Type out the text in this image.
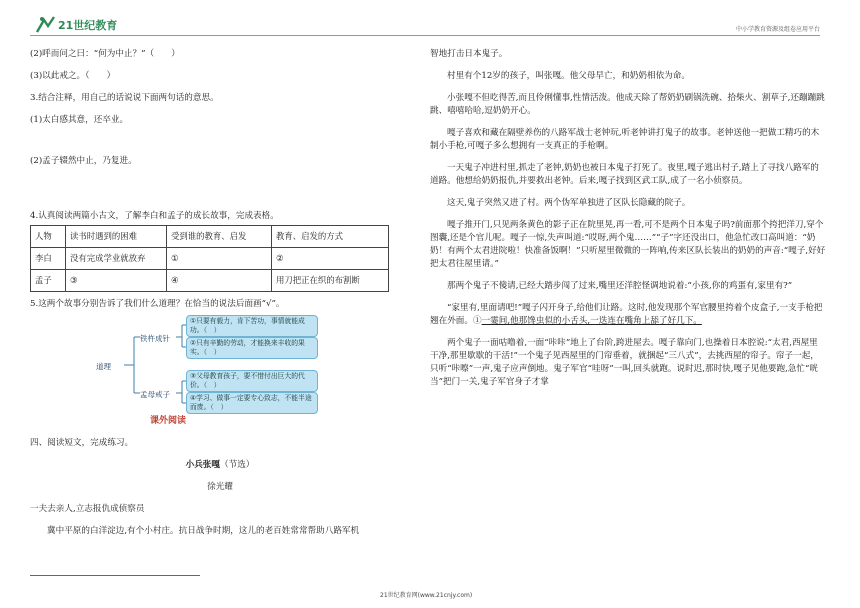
21世纪教育	中小学教育资源及组卷应用平台

(2)呼而问之曰：“何为中止？”（　　）

(3)以此戒之。（　　）

3.结合注释，用自己的话说说下面两句话的意思。

(1)太白感其意，还卒业。

(2)孟子辍然中止，乃复进。

4.认真阅读两篇小古文，了解李白和孟子的成长故事，完成表格。

人物	读书时遇到的困难	受到谁的教育、启发	教育、启发的方式
李白	没有完成学业就放弃	①	②
孟子	③	④	用刀把正在织的布割断

5.这两个故事分别告诉了我们什么道理？在恰当的说法后面画“√”。

道理
铁杵成针
孟母戒子
①只要有毅力，肯下苦功，事情就能成功。（　）
②只有辛勤的劳动，才能换来丰收的果实。（　）
③父母教育孩子，要不惜付出巨大的代价。（　）
④学习、做事一定要专心致志，不能半途而废。（　）

课外阅读

四、阅读短文，完成练习。

小兵张嘎（节选）

徐光耀

一夫去亲人,立志报仇成侦察员

冀中平原的白洋淀边,有个小村庄。抗日战争时期，这儿的老百姓常常帮助八路军机

智地打击日本鬼子。

村里有个12岁的孩子，叫张嘎。他父母早亡，和奶奶相依为命。

小张嘎不但吃得苦,而且伶俐懂事,性情活泼。他成天除了帮奶奶刷锅洗碗、拾柴火、割草子,还蹦蹦跳跳、嘻嘻哈哈,逗奶奶开心。

嘎子喜欢和藏在隔壁养伤的八路军战士老钟玩,听老钟讲打鬼子的故事。老钟送他一把做工精巧的木制小手枪,可嘎子多么想拥有一支真正的手枪啊。

一天鬼子冲进村里,抓走了老钟,奶奶也被日本鬼子打死了。夜里,嘎子逃出村子,踏上了寻找八路军的道路。他想给奶奶报仇,并要救出老钟。后来,嘎子找到区武工队,成了一名小侦察员。

这天,鬼子突然又进了村。两个伪军单独进了区队长隐藏的院子。

嘎子推开门,只见两条黄色的影子正在院里晃,再一看,可不是两个日本鬼子吗?前面那个挎把洋刀,穿个图囊,还是个官儿呢。嘎子一惊,失声叫道:“哎呀,两个鬼……”“子”字还没出口，他急忙改口高叫道：“奶奶！有两个太君进院啦！快准备饭啊！”只听屋里微微的一阵响,传来区队长装出的奶奶的声音:“嘎子,好好把太君往屋里请。”

那两个鬼子不傻请,已经大踏步闯了过来,嘴里还洋腔怪调地说着:“小孩,你的鸡蛋有,家里有?”

“家里有,里面请吧!”嘎子闪开身子,给他们让路。这时,他发现那个军官腰里挎着个皮盒子,一支手枪把翘在外面。①一霎间,他那馋虫似的小舌头,一迭连在嘴角上舔了好几下。

两个鬼子一面咕噜着,一面“咔咔”地上了台阶,跨进屋去。嘎子靠向门,也操着日本腔说:“太君,西屋里干净,那里歇歇的干活!”一个鬼子见西屋里的门帘垂着，就捆起“三八式”，去挑西屋的帘子。帘子一起，只听“咔嚓”一声,鬼子应声倒地。鬼子军官“哇呀”一叫,回头就跑。说时迟,那时快,嘎子见他要跑,急忙“咣当”把门一关,鬼子军官身子才掌

21世纪教育网(www.21cnjy.com)
